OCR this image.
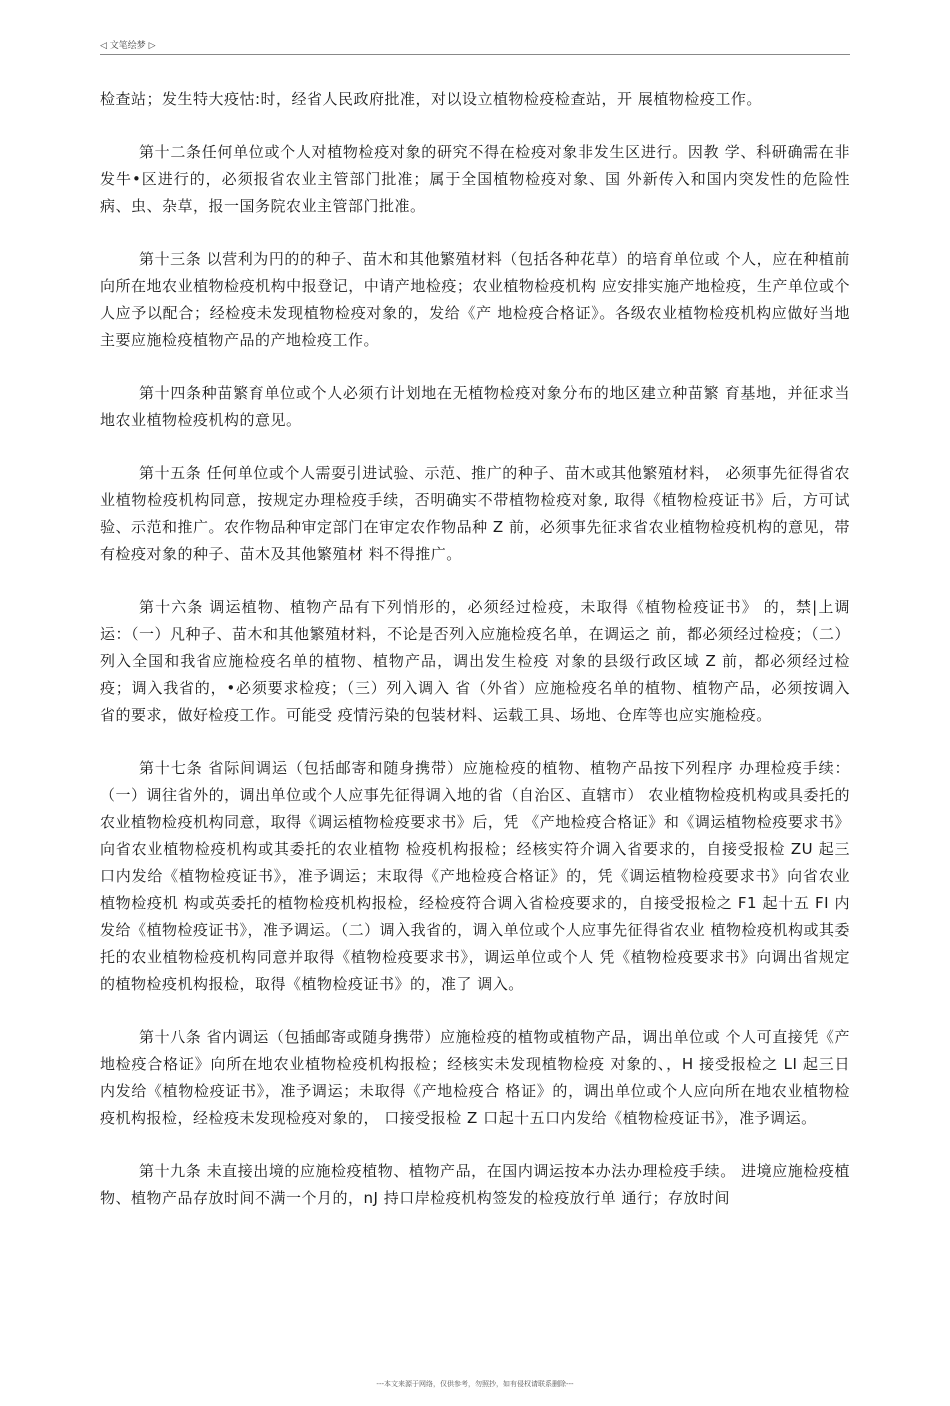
◁ 文笔绘梦 ▷

检查站；发生特大疫怙:时，经省人民政府批准，对以设立植物检疫检查站，开 展植物检疫工作。

第十二条任何单位或个人对植物检疫对象的研究不得在检疫对象非发生区进行。因教 学、科研确需在非发牛•区进行的，必须报省农业主管部门批准；属于全国植物检疫对象、国 外新传入和国内突发性的危险性病、虫、杂草，报一国务院农业主管部门批准。

第十三条 以营利为円的的种子、苗木和其他繁殖材料（包括各种花草）的培育单位或 个人，应在种植前向所在地农业植物检疫机构中报登记，中请产地检疫；农业植物检疫机构 应安排实施产地检疫，生产单位或个人应予以配合；经检疫未发现植物检疫对象的，发给《产 地检疫合格证》。各级农业植物检疫机构应做好当地主要应施检疫植物产品的产地检疫工作。

第十四条种苗繁育单位或个人必须冇计划地在无植物检疫对象分布的地区建立种苗繁 育基地，并征求当地农业植物检疫机构的意见。

第十五条 任何单位或个人需耍引进试验、示范、推广的种子、苗木或其他繁殖材料， 必须事先征得省农业植物检疫机构同意，按规定办理检疫手续，否明确实不带植物检疫对象, 取得《植物检疫证书》后，方可试验、示范和推广。农作物品种审定部门在审定农作物品种 Z 前，必须事先征求省农业植物检疫机构的意见，帯有检疫对象的种子、苗木及其他繁殖材 料不得推广。

第十六条 调运植物、植物产品有下列悄形的，必须经过检疫，未取得《植物检疫证书》 的，禁|上调运：（一）凡种子、苗木和其他繁殖材料，不论是否列入应施检疫名单，在调运之 前，都必须经过检疫；（二）列入全国和我省应施检疫名单的植物、植物产品，调出发生检疫 对象的县级行政区域 Z 前，都必须经过检疫；调入我省的，•必须要求检疫；（三）列入调入 省（外省）应施检疫名单的植物、植物产品，必须按调入省的要求，做好检疫工作。可能受 疫情污染的包装材料、运载工具、场地、仓库等也应实施检疫。

第十七条 省际间调运（包括邮寄和随身携带）应施检疫的植物、植物产品按下列程序 办理检疫手续：（一）调往省外的，调出单位或个人应事先征得调入地的省（自治区、直辖市） 农业植物检疫机构或具委托的农业植物检疫机构同意，取得《调运植物检疫要求书》后，凭 《产地检疫合格证》和《调运植物检疫要求书》向省农业植物检疫机构或其委托的农业植物 检疫机构报检；经核实符介调入省要求的，自接受报检 ZU 起三口内发给《植物检疫证书》，准予调运；末取得《产地检疫合格证》的，凭《调运植物检疫要求书》向省农业植物检疫机 构或英委托的植物检疫机构报检，经检疫符合调入省检疫要求的，自接受报检之 F1 起十五 FI 内发给《植物检疫证书》，准予调运。（二）调入我省的，调入单位或个人应事先征得省农业 植物检疫机构或其委托的农业植物检疫机构同意并取得《植物检疫要求书》，调运单位或个人 凭《植物检疫要求书》向调出省规定的植物检疫机构报检，取得《植物检疫证书》的，准了 调入。

第十八条 省内调运（包插邮寄或随身携带）应施检疫的植物或植物产品，调出单位或 个人可直接凭《产地检疫合格证》向所在地农业植物检疫机构报检；经核实未发现植物检疫 对象的、，H 接受报检之 LI 起三日内发给《植物检疫证书》，准予调运；未取得《产地检疫合 格证》的，调出单位或个人应向所在地农业植物检疫机构报检，经检疫未发现检疫对象的， 口接受报检 Z 口起十五口内发给《植物检疫证书》，准予调运。

第十九条 未直接出境的应施检疫植物、植物产品，在国内调运按本办法办理检疫手续。 进境应施检疫植物、植物产品存放时间不满一个月的，nJ 持口岸检疫机构签发的检疫放行单 通行；存放时间

---本文来源于网络，仅供参考，勿照抄，如有侵权请联系删除---
